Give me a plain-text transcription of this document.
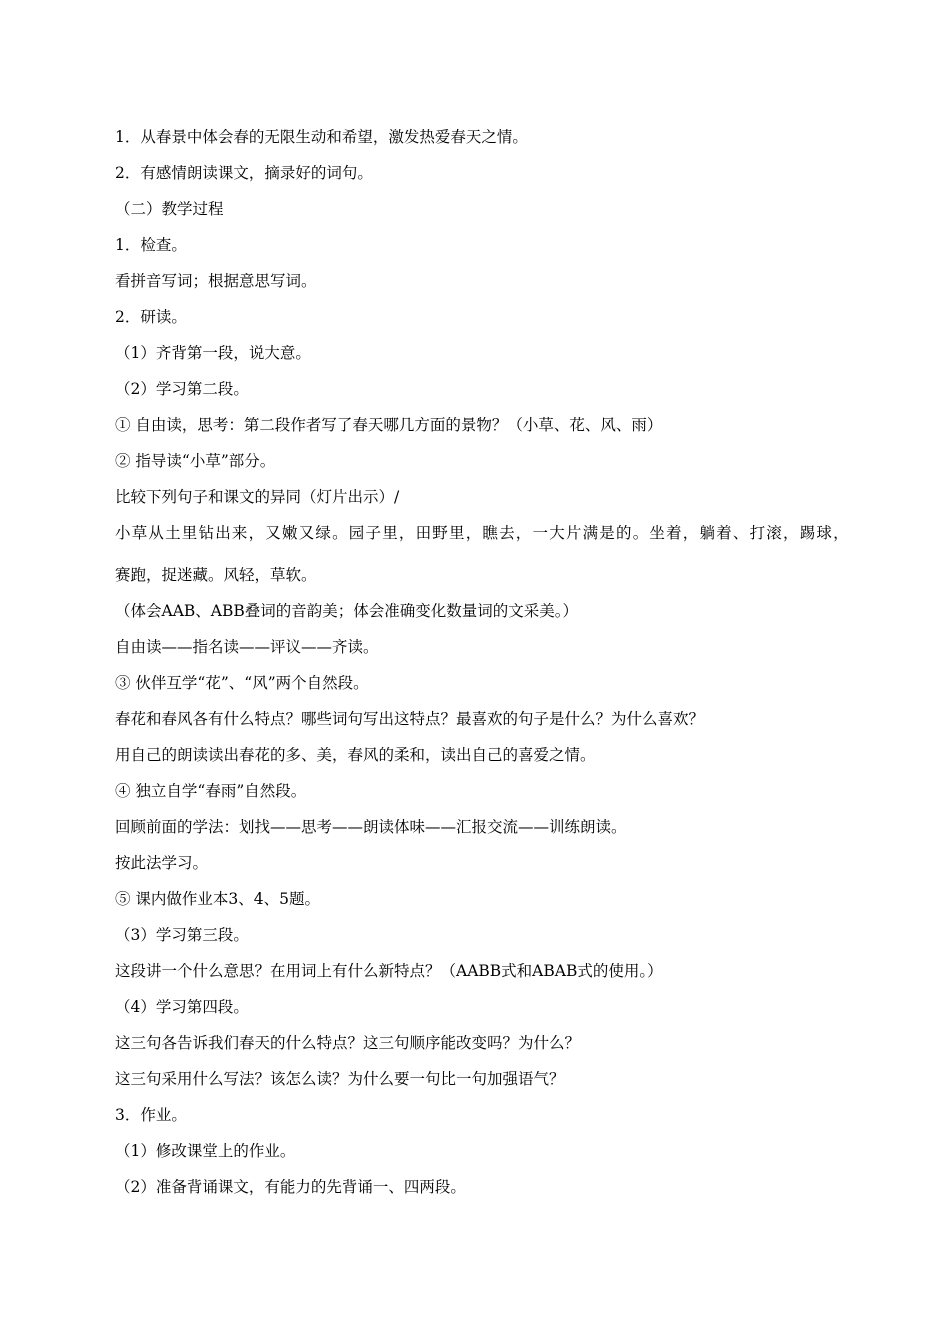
1．从春景中体会春的无限生动和希望，激发热爱春天之情。
2．有感情朗读课文，摘录好的词句。
（二）教学过程
1．检查。
看拼音写词；根据意思写词。
2．研读。
（1）齐背第一段，说大意。
（2）学习第二段。
① 自由读，思考：第二段作者写了春天哪几方面的景物？（小草、花、风、雨）
② 指导读“小草”部分。
比较下列句子和课文的异同（灯片出示）/
小草从土里钻出来，又嫩又绿。园子里，田野里，瞧去，一大片满是的。坐着，躺着、打滚，踢球，
赛跑，捉迷藏。风轻，草软。
（体会AAB、ABB叠词的音韵美；体会准确变化数量词的文采美。）
自由读——指名读——评议——齐读。
③ 伙伴互学“花”、“风”两个自然段。
春花和春风各有什么特点？哪些词句写出这特点？最喜欢的句子是什么？为什么喜欢？
用自己的朗读读出春花的多、美，春风的柔和，读出自己的喜爱之情。
④ 独立自学“春雨”自然段。
回顾前面的学法：划找——思考——朗读体味——汇报交流——训练朗读。
按此法学习。
⑤ 课内做作业本3、4、5题。
（3）学习第三段。
这段讲一个什么意思？在用词上有什么新特点？（AABB式和ABAB式的使用。）
（4）学习第四段。
这三句各告诉我们春天的什么特点？这三句顺序能改变吗？为什么？
这三句采用什么写法？该怎么读？为什么要一句比一句加强语气？
3．作业。
（1）修改课堂上的作业。
（2）准备背诵课文，有能力的先背诵一、四两段。
